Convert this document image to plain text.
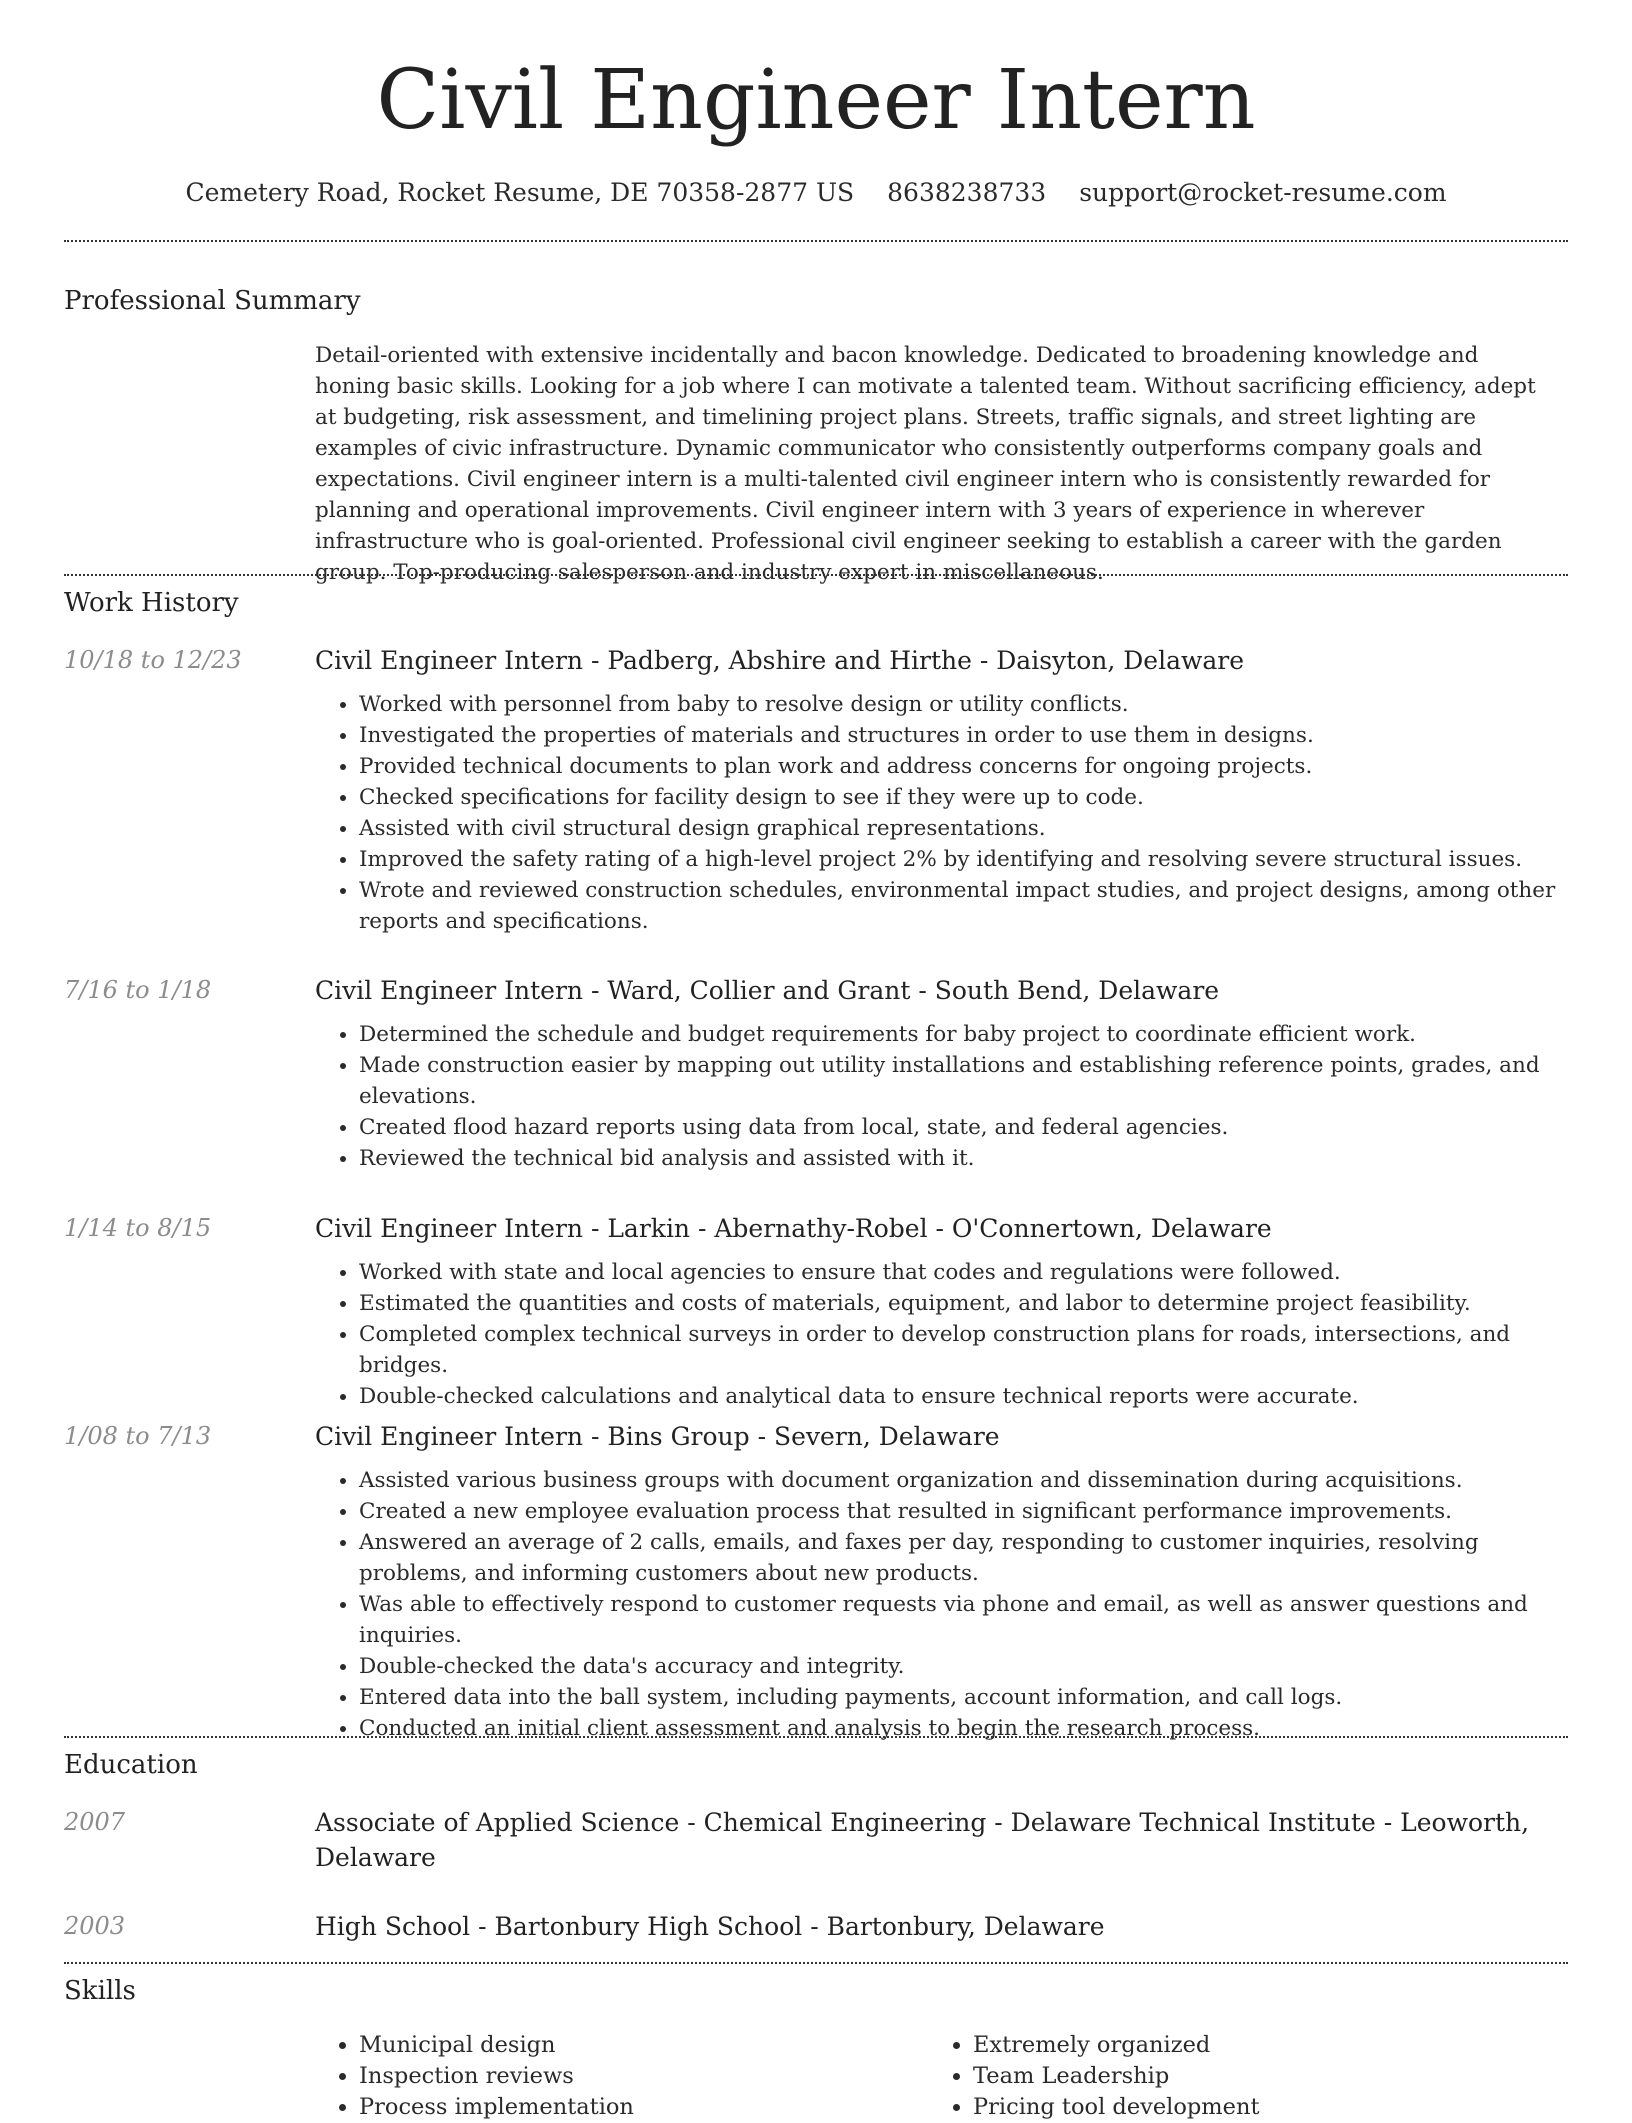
Civil Engineer Intern
Cemetery Road, Rocket Resume, DE 70358-2877 US 8638238733 support@rocket-resume.com
Professional Summary

Detail-oriented with extensive incidentally and bacon knowledge. Dedicated to broadening knowledge and honing basic skills. Looking for a job where I can motivate a talented team. Without sacrificing efficiency, adept at budgeting, risk assessment, and timelining project plans. Streets, traffic signals, and street lighting are examples of civic infrastructure. Dynamic communicator who consistently outperforms company goals and expectations. Civil engineer intern is a multi-talented civil engineer intern who is consistently rewarded for planning and operational improvements. Civil engineer intern with 3 years of experience in wherever infrastructure who is goal-oriented. Professional civil engineer seeking to establish a career with the garden group. Top-producing salesperson and industry expert in miscellaneous.

Work History
10/18 to 12/23	Civil Engineer Intern - Padberg, Abshire and Hirthe - Daisyton, Delaware
• Worked with personnel from baby to resolve design or utility conflicts.
• Investigated the properties of materials and structures in order to use them in designs.
• Provided technical documents to plan work and address concerns for ongoing projects.
• Checked specifications for facility design to see if they were up to code.
• Assisted with civil structural design graphical representations.
• Improved the safety rating of a high-level project 2% by identifying and resolving severe structural issues.
• Wrote and reviewed construction schedules, environmental impact studies, and project designs, among other reports and specifications.
7/16 to 1/18	Civil Engineer Intern - Ward, Collier and Grant - South Bend, Delaware
• Determined the schedule and budget requirements for baby project to coordinate efficient work.
• Made construction easier by mapping out utility installations and establishing reference points, grades, and elevations.
• Created flood hazard reports using data from local, state, and federal agencies.
• Reviewed the technical bid analysis and assisted with it.
1/14 to 8/15	Civil Engineer Intern - Larkin - Abernathy-Robel - O'Connertown, Delaware
• Worked with state and local agencies to ensure that codes and regulations were followed.
• Estimated the quantities and costs of materials, equipment, and labor to determine project feasibility.
• Completed complex technical surveys in order to develop construction plans for roads, intersections, and bridges.
• Double-checked calculations and analytical data to ensure technical reports were accurate.
1/08 to 7/13	Civil Engineer Intern - Bins Group - Severn, Delaware
• Assisted various business groups with document organization and dissemination during acquisitions.
• Created a new employee evaluation process that resulted in significant performance improvements.
• Answered an average of 2 calls, emails, and faxes per day, responding to customer inquiries, resolving problems, and informing customers about new products.
• Was able to effectively respond to customer requests via phone and email, as well as answer questions and inquiries.
• Double-checked the data's accuracy and integrity.
• Entered data into the ball system, including payments, account information, and call logs.
• Conducted an initial client assessment and analysis to begin the research process.
Education
2007	Associate of Applied Science - Chemical Engineering - Delaware Technical Institute - Leoworth, Delaware
2003	High School - Bartonbury High School - Bartonbury, Delaware
Skills
• Municipal design
• Inspection reviews
• Process implementation
• Extremely organized
• Team Leadership
• Pricing tool development
